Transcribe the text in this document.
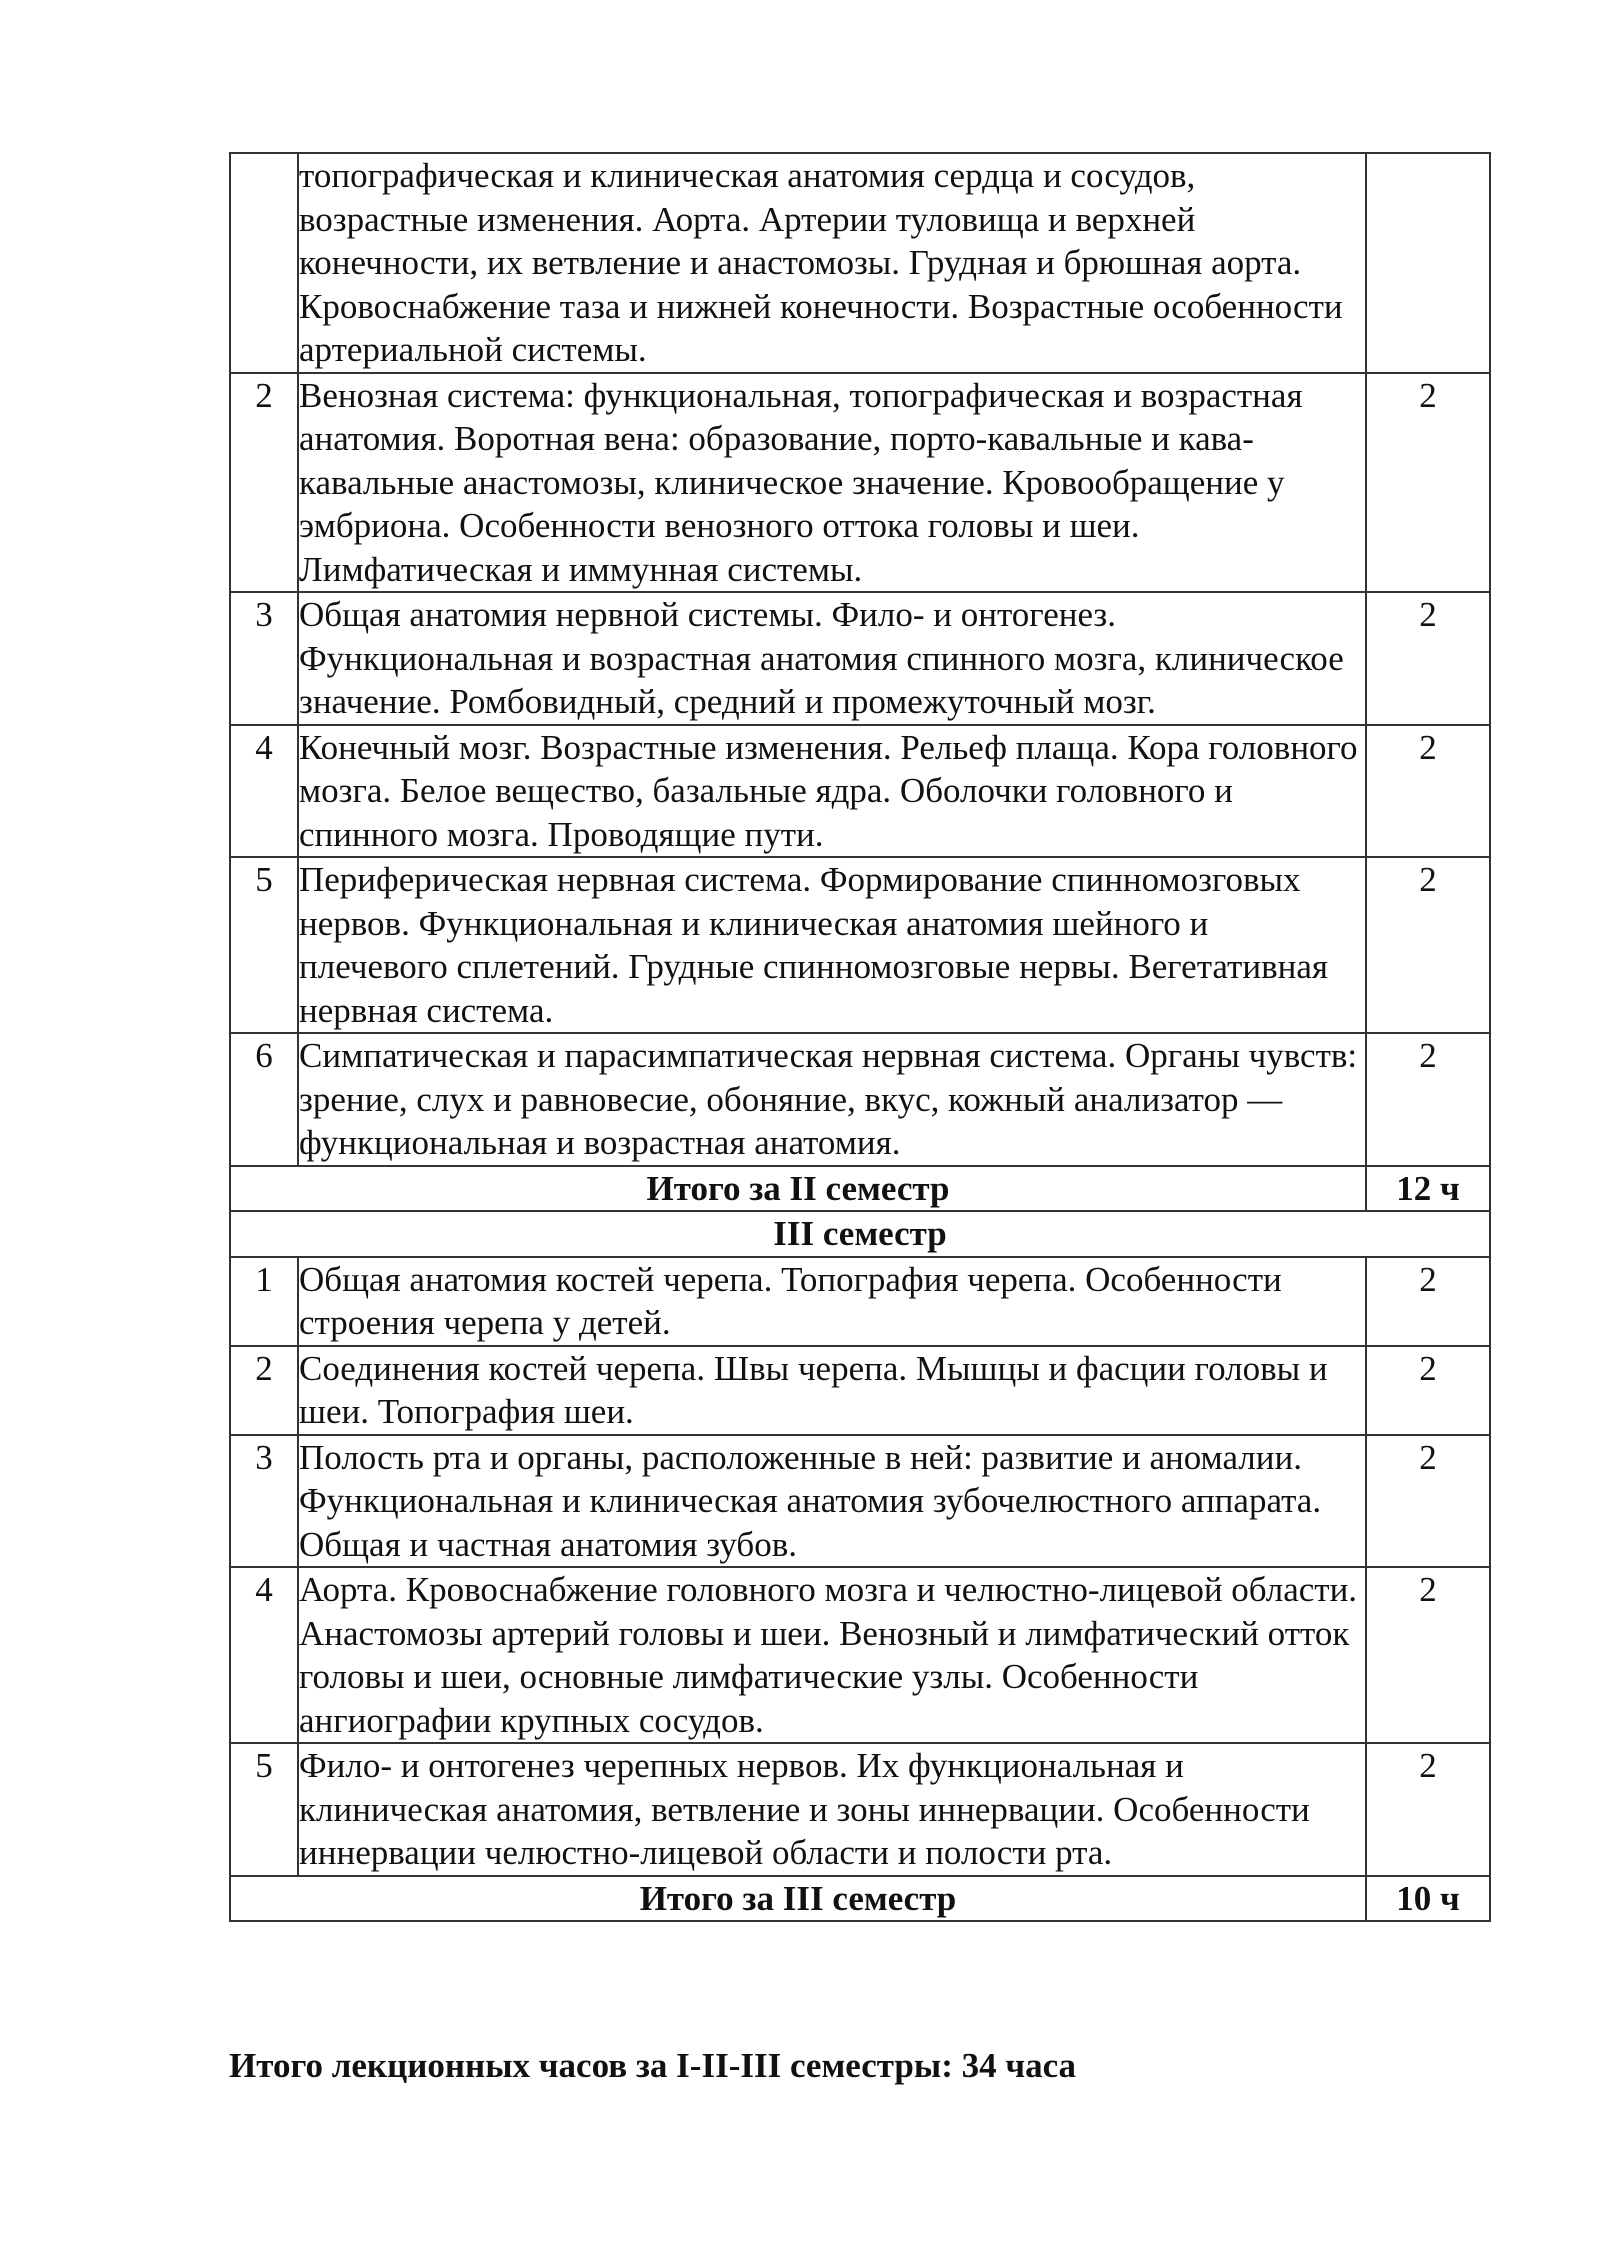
	топографическая и клиническая анатомия сердца и сосудов, возрастные изменения. Аорта. Артерии туловища и верхней конечности, их ветвление и анастомозы. Грудная и брюшная аорта. Кровоснабжение таза и нижней конечности. Возрастные особенности артериальной системы.	
2	Венозная система: функциональная, топографическая и возрастная анатомия. Воротная вена: образование, порто-кавальные и кава-кавальные анастомозы, клиническое значение. Кровообращение у эмбриона. Особенности венозного оттока головы и шеи. Лимфатическая и иммунная системы.	2
3	Общая анатомия нервной системы. Фило- и онтогенез. Функциональная и возрастная анатомия спинного мозга, клиническое значение. Ромбовидный, средний и промежуточный мозг.	2
4	Конечный мозг. Возрастные изменения. Рельеф плаща. Кора головного мозга. Белое вещество, базальные ядра. Оболочки головного и спинного мозга. Проводящие пути.	2
5	Периферическая нервная система. Формирование спинномозговых нервов. Функциональная и клиническая анатомия шейного и плечевого сплетений. Грудные спинномозговые нервы. Вегетативная нервная система.	2
6	Симпатическая и парасимпатическая нервная система. Органы чувств: зрение, слух и равновесие, обоняние, вкус, кожный анализатор — функциональная и возрастная анатомия.	2
Итого за II семестр		12 ч
III семестр		
1	Общая анатомия костей черепа. Топография черепа. Особенности строения черепа у детей.	2
2	Соединения костей черепа. Швы черепа. Мышцы и фасции головы и шеи. Топография шеи.	2
3	Полость рта и органы, расположенные в ней: развитие и аномалии. Функциональная и клиническая анатомия зубочелюстного аппарата. Общая и частная анатомия зубов.	2
4	Аорта. Кровоснабжение головного мозга и челюстно-лицевой области. Анастомозы артерий головы и шеи. Венозный и лимфатический отток головы и шеи, основные лимфатические узлы. Особенности ангиографии крупных сосудов.	2
5	Фило- и онтогенез черепных нервов. Их функциональная и клиническая анатомия, ветвление и зоны иннервации. Особенности иннервации челюстно-лицевой области и полости рта.	2
Итого за III семестр		10 ч

Итого лекционных часов за I-II-III семестры: 34 часа
